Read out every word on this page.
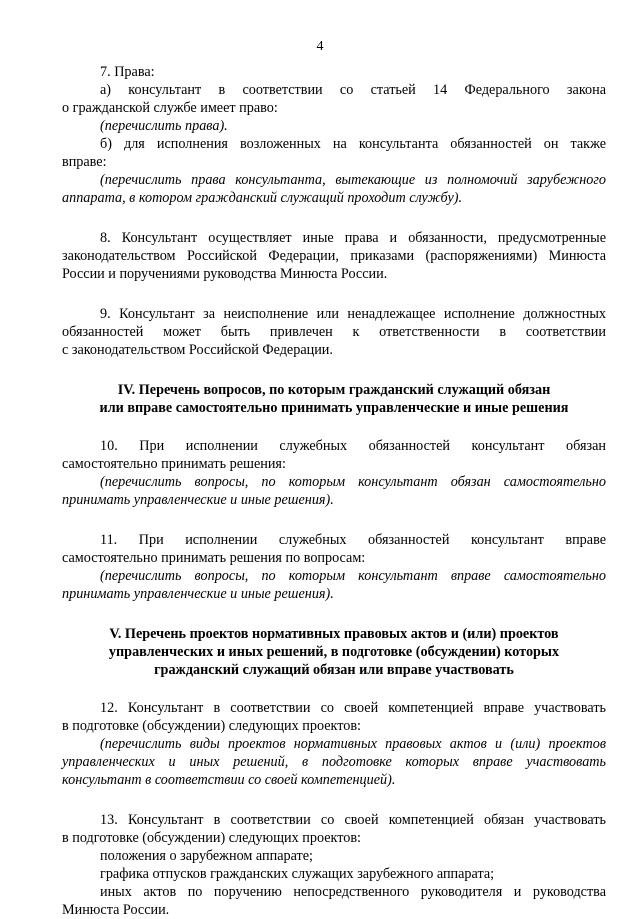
4

7. Права:

а) консультант в соответствии со статьей 14 Федерального закона

о гражданской службе имеет право:

(перечислить права).

б) для исполнения возложенных на консультанта обязанностей он также

вправе:

(перечислить права консультанта, вытекающие из полномочий зарубежного

аппарата, в котором гражданский служащий проходит службу).

8. Консультант осуществляет иные права и обязанности, предусмотренные

законодательством Российской Федерации, приказами (распоряжениями) Минюста

России и поручениями руководства Минюста России.

9. Консультант за неисполнение или ненадлежащее исполнение должностных

обязанностей может быть привлечен к ответственности в соответствии

с законодательством Российской Федерации.

IV. Перечень вопросов, по которым гражданский служащий обязан

или вправе самостоятельно принимать управленческие и иные решения

10. При исполнении служебных обязанностей консультант обязан

самостоятельно принимать решения:

(перечислить вопросы, по которым консультант обязан самостоятельно

принимать управленческие и иные решения).

11. При исполнении служебных обязанностей консультант вправе

самостоятельно принимать решения по вопросам:

(перечислить вопросы, по которым консультант вправе самостоятельно

принимать управленческие и иные решения).

V. Перечень проектов нормативных правовых актов и (или) проектов

управленческих и иных решений, в подготовке (обсуждении) которых

гражданский служащий обязан или вправе участвовать

12. Консультант в соответствии со своей компетенцией вправе участвовать

в подготовке (обсуждении) следующих проектов:

(перечислить виды проектов нормативных правовых актов и (или) проектов

управленческих и иных решений, в подготовке которых вправе участвовать

консультант в соответствии со своей компетенцией).

13. Консультант в соответствии со своей компетенцией обязан участвовать

в подготовке (обсуждении) следующих проектов:

положения о зарубежном аппарате;

графика отпусков гражданских служащих зарубежного аппарата;

иных актов по поручению непосредственного руководителя и руководства

Минюста России.
